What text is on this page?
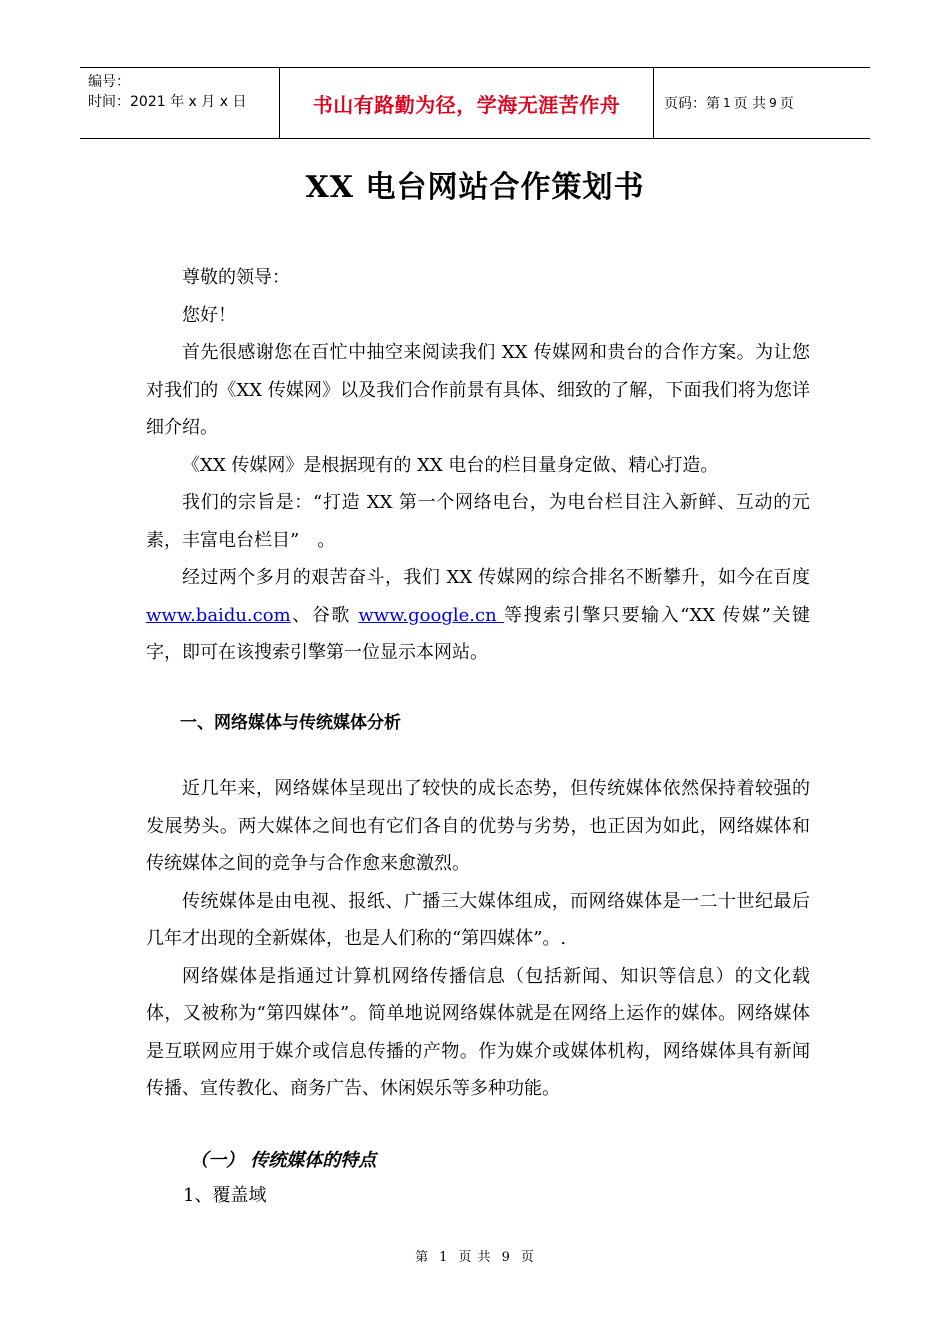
编号：
时间：2021 年 x 月 x 日	书山有路勤为径，学海无涯苦作舟	页码：第 1 页 共 9 页
XX 电台网站合作策划书

尊敬的领导：

您好！

首先很感谢您在百忙中抽空来阅读我们 XX 传媒网和贵台的合作方案。为让您对我们的《XX 传媒网》以及我们合作前景有具体、细致的了解，下面我们将为您详细介绍。

《XX 传媒网》是根据现有的 XX 电台的栏目量身定做、精心打造。

我们的宗旨是：“打造 XX 第一个网络电台，为电台栏目注入新鲜、互动的元素，丰富电台栏目”　。

经过两个多月的艰苦奋斗，我们 XX 传媒网的综合排名不断攀升，如今在百度www.baidu.com、谷歌 www.google.cn 等搜索引擎只要输入“XX 传媒”关键字，即可在该搜索引擎第一位显示本网站。

一、网络媒体与传统媒体分析

近几年来，网络媒体呈现出了较快的成长态势，但传统媒体依然保持着较强的发展势头。两大媒体之间也有它们各自的优势与劣势，也正因为如此，网络媒体和传统媒体之间的竞争与合作愈来愈激烈。

传统媒体是由电视、报纸、广播三大媒体组成，而网络媒体是一二十世纪最后几年才出现的全新媒体，也是人们称的“第四媒体”。.

网络媒体是指通过计算机网络传播信息（包括新闻、知识等信息）的文化载体，又被称为“第四媒体”。简单地说网络媒体就是在网络上运作的媒体。网络媒体是互联网应用于媒介或信息传播的产物。作为媒介或媒体机构，网络媒体具有新闻传播、宣传教化、商务广告、休闲娱乐等多种功能。

（一） 传统媒体的特点
1、覆盖域
第 1 页 共 9 页
